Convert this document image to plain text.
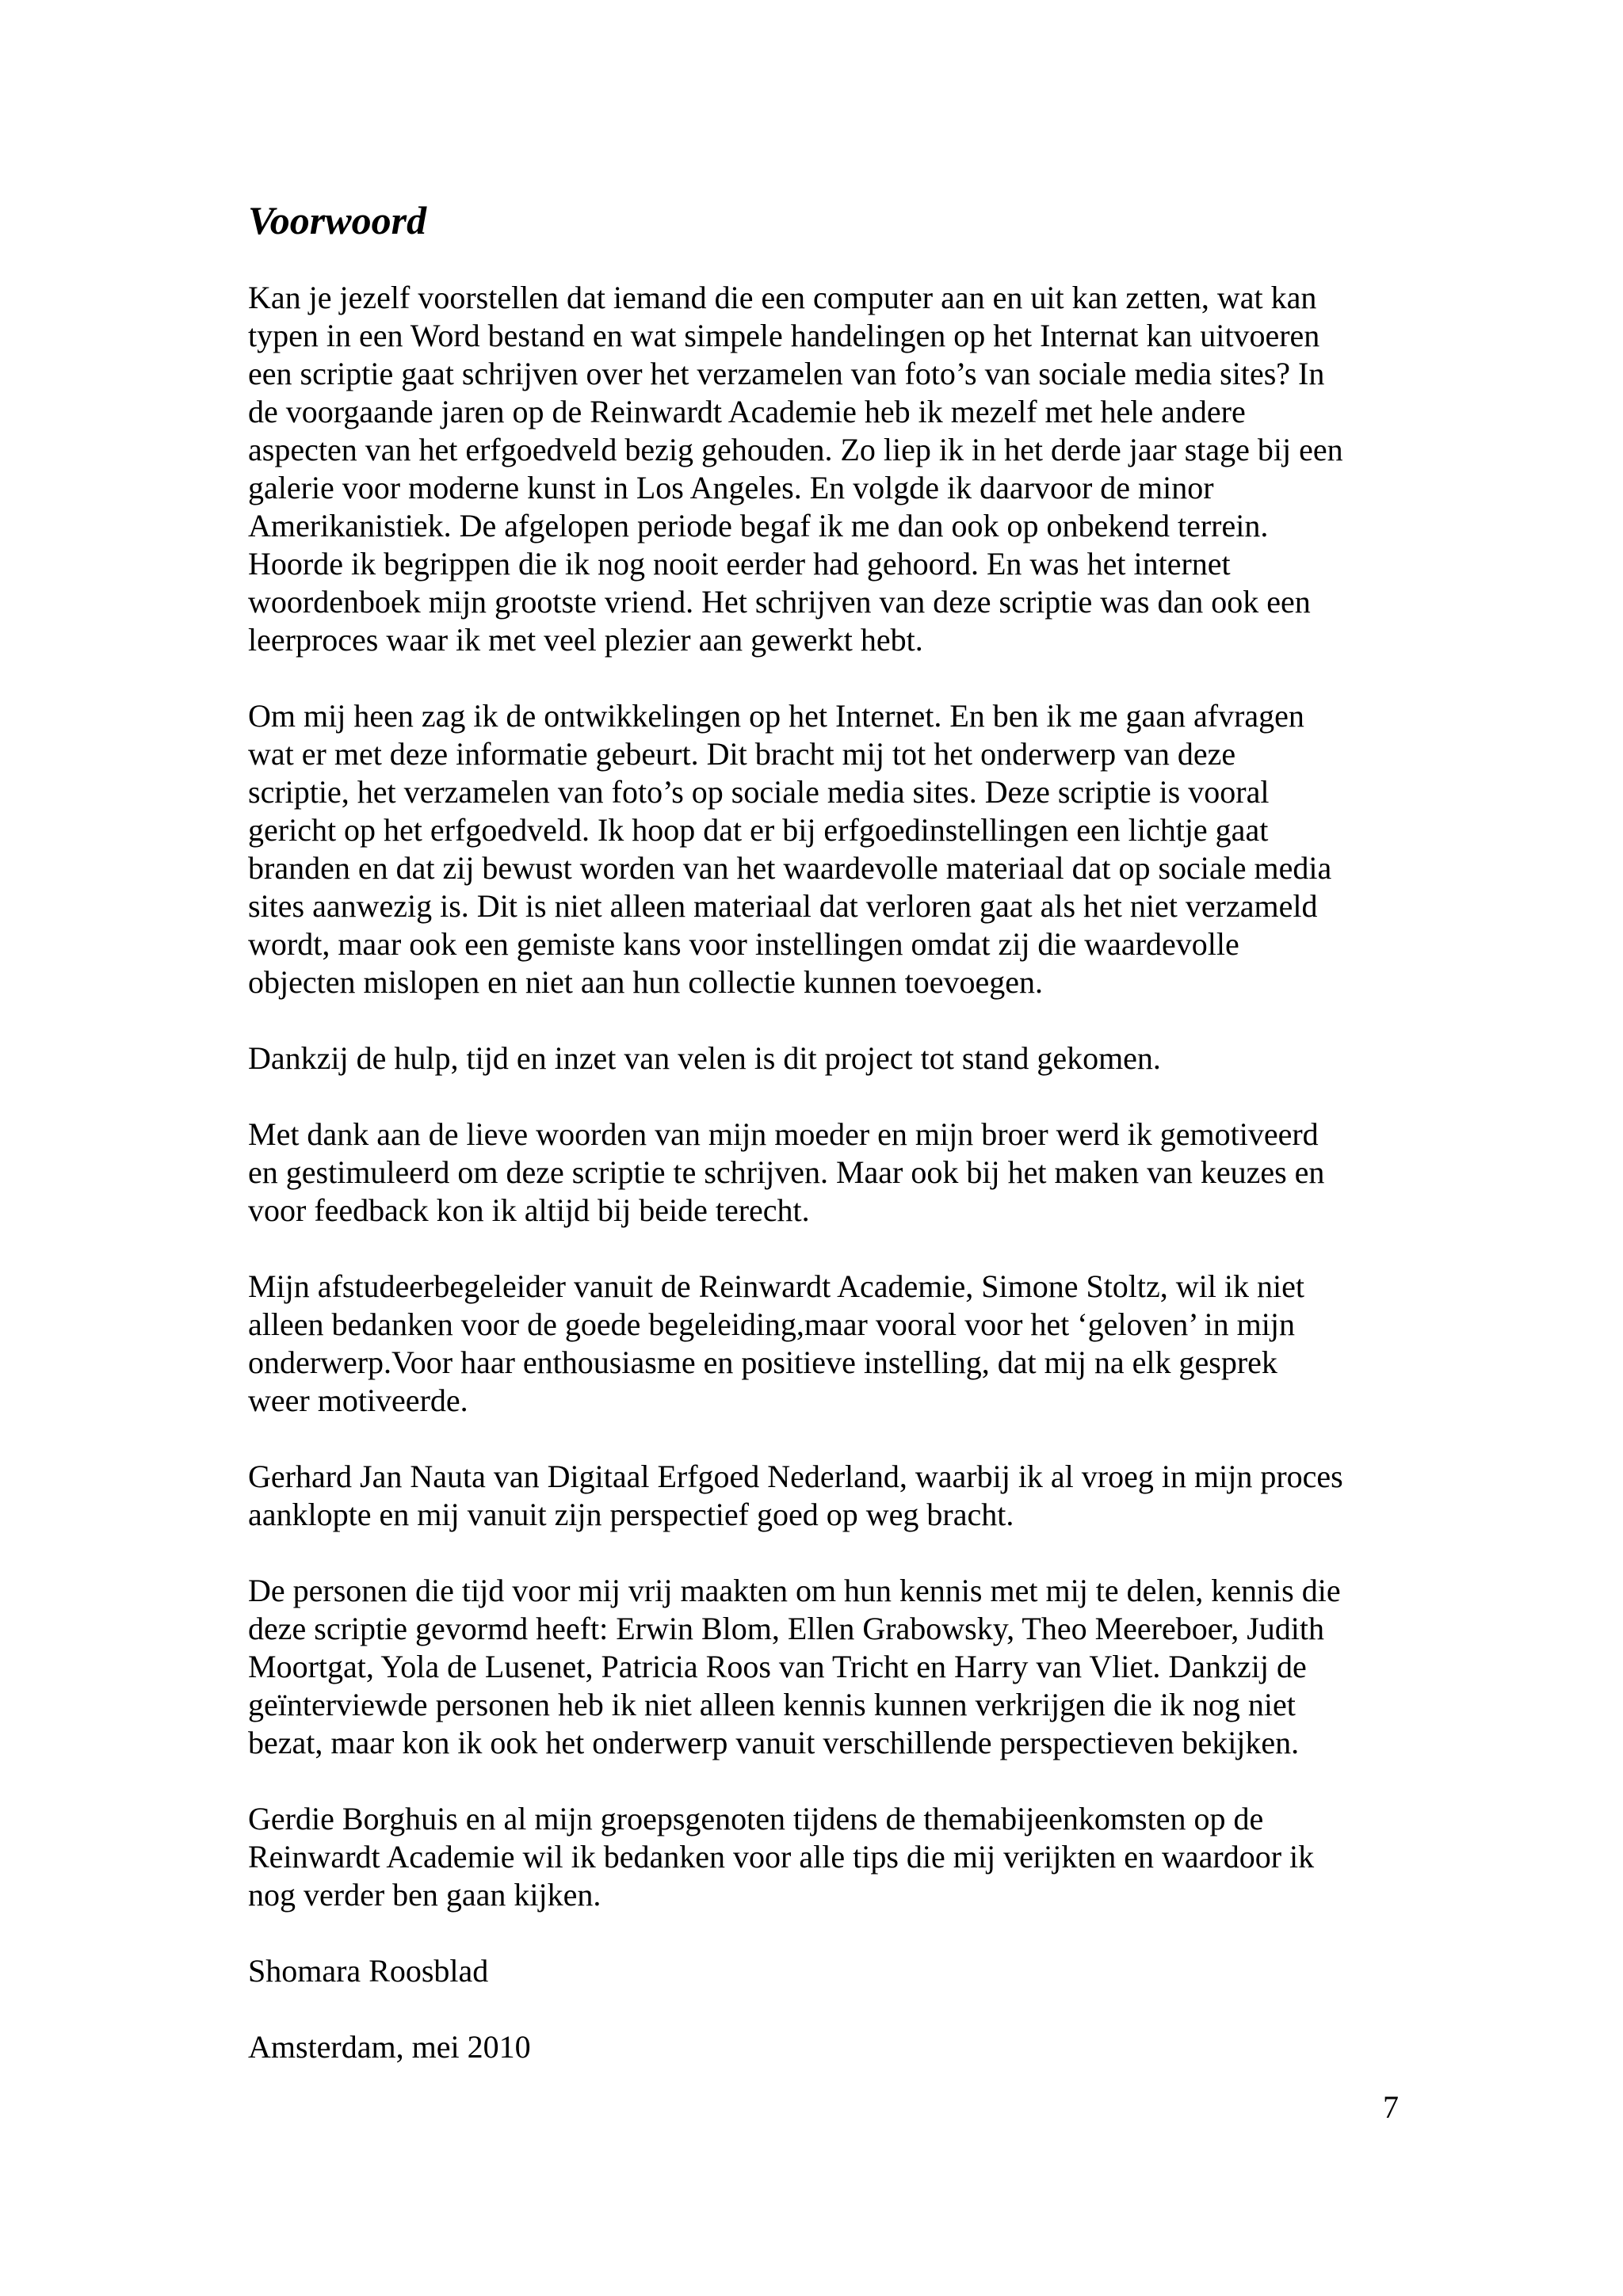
Voorwoord

Kan je jezelf voorstellen dat iemand die een computer aan en uit kan zetten, wat kan
typen in een Word bestand en wat simpele handelingen op het Internat kan uitvoeren
een scriptie gaat schrijven over het verzamelen van foto’s van sociale media sites? In
de voorgaande jaren op de Reinwardt Academie heb ik mezelf met hele andere
aspecten van het erfgoedveld bezig gehouden. Zo liep ik in het derde jaar stage bij een
galerie voor moderne kunst in Los Angeles. En volgde ik daarvoor de minor
Amerikanistiek. De afgelopen periode begaf ik me dan ook op onbekend terrein.
Hoorde ik begrippen die ik nog nooit eerder had gehoord. En was het internet
woordenboek mijn grootste vriend. Het schrijven van deze scriptie was dan ook een
leerproces waar ik met veel plezier aan gewerkt hebt.

Om mij heen zag ik de ontwikkelingen op het Internet. En ben ik me gaan afvragen
wat er met deze informatie gebeurt. Dit bracht mij tot het onderwerp van deze
scriptie, het verzamelen van foto’s op sociale media sites. Deze scriptie is vooral
gericht op het erfgoedveld. Ik hoop dat er bij erfgoedinstellingen een lichtje gaat
branden en dat zij bewust worden van het waardevolle materiaal dat op sociale media
sites aanwezig is. Dit is niet alleen materiaal dat verloren gaat als het niet verzameld
wordt, maar ook een gemiste kans voor instellingen omdat zij die waardevolle
objecten mislopen en niet aan hun collectie kunnen toevoegen.

Dankzij de hulp, tijd en inzet van velen is dit project tot stand gekomen.

Met dank aan de lieve woorden van mijn moeder en mijn broer werd ik gemotiveerd
en gestimuleerd om deze scriptie te schrijven. Maar ook bij het maken van keuzes en
voor feedback kon ik altijd bij beide terecht.

Mijn afstudeerbegeleider vanuit de Reinwardt Academie, Simone Stoltz, wil ik niet
alleen bedanken voor de goede begeleiding,maar vooral voor het ‘geloven’ in mijn
onderwerp.Voor haar enthousiasme en positieve instelling, dat mij na elk gesprek
weer motiveerde.

Gerhard Jan Nauta van Digitaal Erfgoed Nederland, waarbij ik al vroeg in mijn proces
aanklopte en mij vanuit zijn perspectief goed op weg bracht.

De personen die tijd voor mij vrij maakten om hun kennis met mij te delen, kennis die
deze scriptie gevormd heeft: Erwin Blom, Ellen Grabowsky, Theo Meereboer, Judith
Moortgat, Yola de Lusenet, Patricia Roos van Tricht en Harry van Vliet. Dankzij de
geïnterviewde personen heb ik niet alleen kennis kunnen verkrijgen die ik nog niet
bezat, maar kon ik ook het onderwerp vanuit verschillende perspectieven bekijken.

Gerdie Borghuis en al mijn groepsgenoten tijdens de themabijeenkomsten op de
Reinwardt Academie wil ik bedanken voor alle tips die mij verijkten en waardoor ik
nog verder ben gaan kijken.

Shomara Roosblad

Amsterdam, mei 2010

7
